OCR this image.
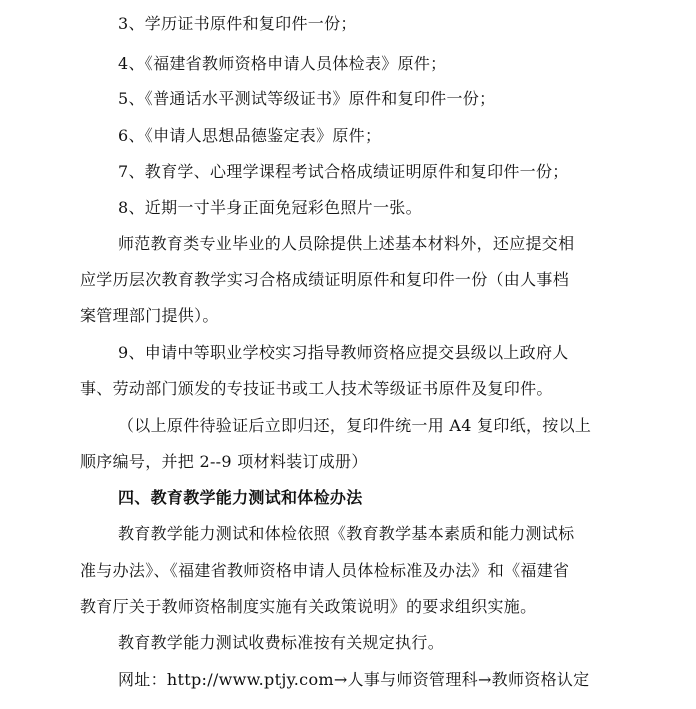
3、学历证书原件和复印件一份；
4、《福建省教师资格申请人员体检表》原件；
5、《普通话水平测试等级证书》原件和复印件一份；
6、《申请人思想品德鉴定表》原件；
7、教育学、心理学课程考试合格成绩证明原件和复印件一份；
8、近期一寸半身正面免冠彩色照片一张。
师范教育类专业毕业的人员除提供上述基本材料外，还应提交相
应学历层次教育教学实习合格成绩证明原件和复印件一份（由人事档
案管理部门提供）。
9、申请中等职业学校实习指导教师资格应提交县级以上政府人
事、劳动部门颁发的专技证书或工人技术等级证书原件及复印件。
（以上原件待验证后立即归还，复印件统一用 A4 复印纸，按以上
顺序编号，并把 2--9 项材料装订成册）
四、教育教学能力测试和体检办法
教育教学能力测试和体检依照《教育教学基本素质和能力测试标
准与办法》、《福建省教师资格申请人员体检标准及办法》和《福建省
教育厅关于教师资格制度实施有关政策说明》的要求组织实施。
教育教学能力测试收费标准按有关规定执行。
网址：http://www.ptjy.com→人事与师资管理科→教师资格认定
